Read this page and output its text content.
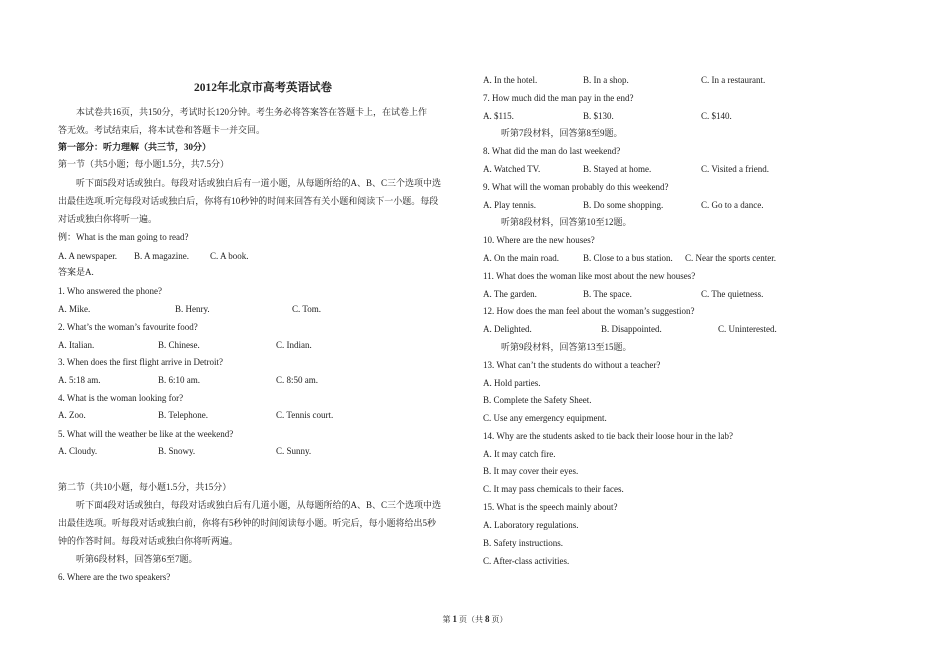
2012年北京市高考英语试卷
本试卷共16页，共150分，考试时长120分钟。考生务必将答案答在答题卡上，在试卷上作
答无效。考试结束后，将本试卷和答题卡一并交回。
第一部分：听力理解（共三节，30分）
第一节（共5小题；每小题1.5分，共7.5分）
听下面5段对话或独白。每段对话或独白后有一道小题，从每题所给的A、B、C三个选项中选
出最佳选项.听完每段对话或独白后，你将有10秒钟的时间来回答有关小题和阅读下一小题。每段
对话或独白你将听一遍。
例：What is the man going to read?
A. A newspaper. B. A magazine. C. A book.
答案是A.
1. Who answered the phone?
A. Mike.	B. Henry.	C. Tom.
2. What’s the woman’s favourite food?
A. Italian.	B. Chinese.	C. Indian.
3. When does the first flight arrive in Detroit?
A. 5:18 am.	B. 6:10 am.	C. 8:50 am.
4. What is the woman looking for?
A. Zoo.	B. Telephone.	C. Tennis court.
5. What will the weather be like at the weekend?
A. Cloudy.	B. Snowy.	C. Sunny.
第二节（共10小题，每小题1.5分，共15分）
听下面4段对话或独白，每段对话或独白后有几道小题，从每题所给的A、B、C三个选项中选
出最佳选项。听每段对话或独白前，你将有5秒钟的时间阅读每小题。听完后，每小题将给出5秒
钟的作答时间。每段对话或独白你将听两遍。
听第6段材料，回答第6至7题。
6. Where are the two speakers?
A. In the hotel.	B. In a shop.	C. In a restaurant.
7. How much did the man pay in the end?
A. $115.	B. $130.	C. $140.
听第7段材料，回答第8至9题。
8. What did the man do last weekend?
A. Watched TV.	B. Stayed at home.	C. Visited a friend.
9. What will the woman probably do this weekend?
A. Play tennis.	B. Do some shopping.	C. Go to a dance.
听第8段材料，回答第10至12题。
10. Where are the new houses?
A. On the main road.	B. Close to a bus station. C. Near the sports center.
11. What does the woman like most about the new houses?
A. The garden.	B. The space.	C. The quietness.
12. How does the man feel about the woman’s suggestion?
A. Delighted.	B. Disappointed.	C. Uninterested.
听第9段材料，回答第13至15题。
13. What can’t the students do without a teacher?
A. Hold parties.
B. Complete the Safety Sheet.
C. Use any emergency equipment.
14. Why are the students asked to tie back their loose hour in the lab?
A. It may catch fire.
B. It may cover their eyes.
C. It may pass chemicals to their faces.
15. What is the speech mainly about?
A. Laboratory regulations.
B. Safety instructions.
C. After-class activities.
第 1 页（共 8 页）
